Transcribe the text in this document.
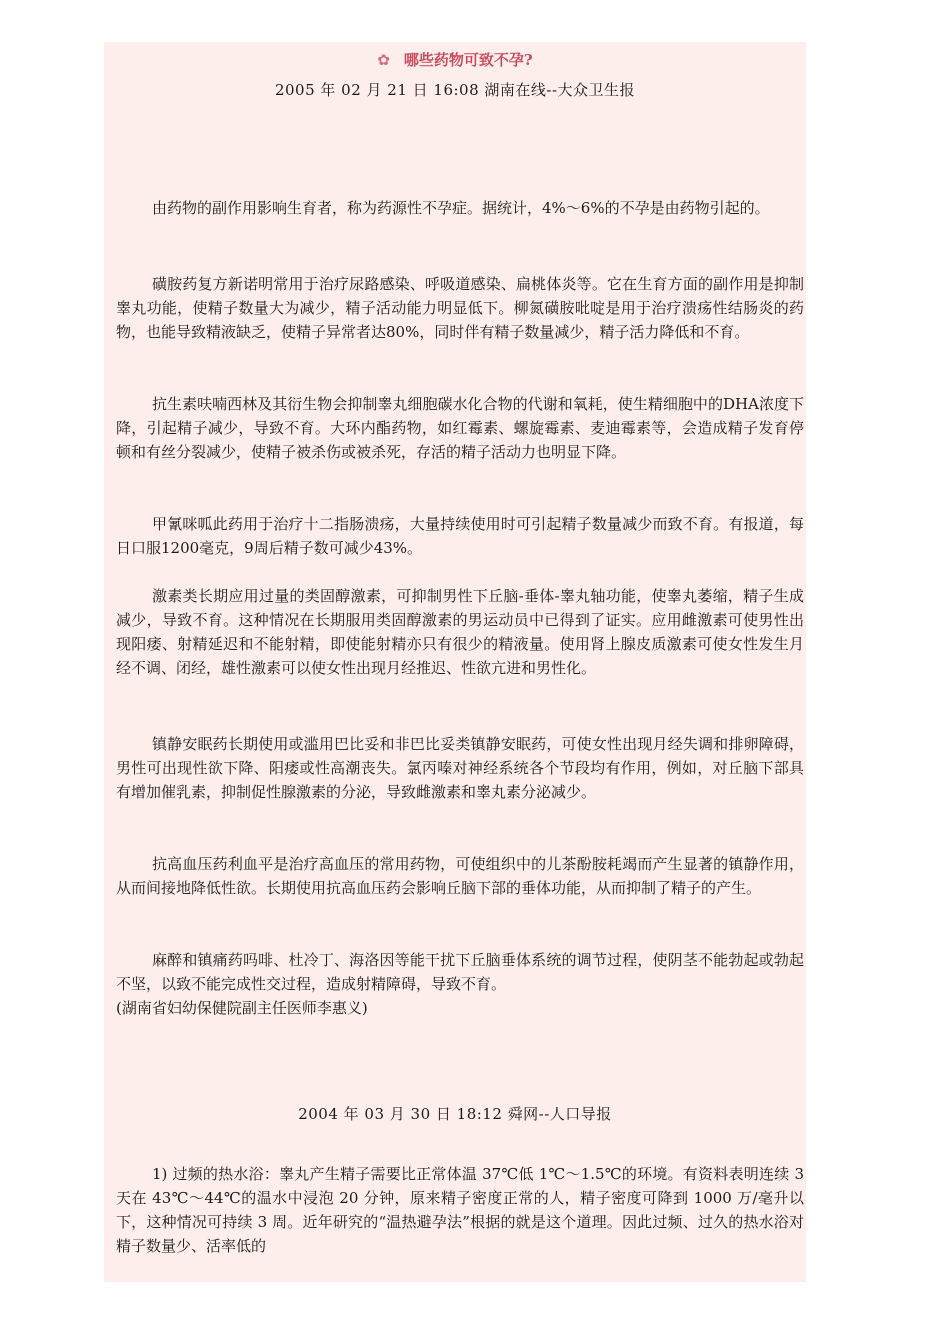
✿ 哪些药物可致不孕?
2005 年 02 月 21 日 16:08 湖南在线--大众卫生报

由药物的副作用影响生育者，称为药源性不孕症。据统计，4%～6%的不孕是由药物引起的。

磺胺药复方新诺明常用于治疗尿路感染、呼吸道感染、扁桃体炎等。它在生育方面的副作用是抑制睾丸功能，使精子数量大为减少，精子活动能力明显低下。柳氮磺胺吡啶是用于治疗溃疡性结肠炎的药物，也能导致精液缺乏，使精子异常者达80%，同时伴有精子数量减少，精子活力降低和不育。

抗生素呋喃西林及其衍生物会抑制睾丸细胞碳水化合物的代谢和氧耗，使生精细胞中的DHA浓度下降，引起精子减少，导致不育。大环内酯药物，如红霉素、螺旋霉素、麦迪霉素等，会造成精子发育停顿和有丝分裂减少，使精子被杀伤或被杀死，存活的精子活动力也明显下降。

甲氰咪呱此药用于治疗十二指肠溃疡，大量持续使用时可引起精子数量减少而致不育。有报道，每日口服1200毫克，9周后精子数可减少43%。

激素类长期应用过量的类固醇激素，可抑制男性下丘脑-垂体-睾丸轴功能，使睾丸萎缩，精子生成减少，导致不育。这种情况在长期服用类固醇激素的男运动员中已得到了证实。应用雌激素可使男性出现阳痿、射精延迟和不能射精，即使能射精亦只有很少的精液量。使用肾上腺皮质激素可使女性发生月经不调、闭经，雄性激素可以使女性出现月经推迟、性欲亢进和男性化。

镇静安眠药长期使用或滥用巴比妥和非巴比妥类镇静安眠药，可使女性出现月经失调和排卵障碍，男性可出现性欲下降、阳痿或性高潮丧失。氯丙嗪对神经系统各个节段均有作用，例如，对丘脑下部具有增加催乳素，抑制促性腺激素的分泌，导致雌激素和睾丸素分泌减少。

抗高血压药利血平是治疗高血压的常用药物，可使组织中的儿茶酚胺耗竭而产生显著的镇静作用，从而间接地降低性欲。长期使用抗高血压药会影响丘脑下部的垂体功能，从而抑制了精子的产生。

麻醉和镇痛药吗啡、杜冷丁、海洛因等能干扰下丘脑垂体系统的调节过程，使阴茎不能勃起或勃起不坚，以致不能完成性交过程，造成射精障碍，导致不育。

(湖南省妇幼保健院副主任医师李惠义)

2004 年 03 月 30 日 18:12 舜网--人口导报

1) 过频的热水浴：睾丸产生精子需要比正常体温 37℃低 1℃～1.5℃的环境。有资料表明连续 3 天在 43℃～44℃的温水中浸泡 20 分钟，原来精子密度正常的人，精子密度可降到 1000 万/毫升以下，这种情况可持续 3 周。近年研究的“温热避孕法”根据的就是这个道理。因此过频、过久的热水浴对精子数量少、活率低的
